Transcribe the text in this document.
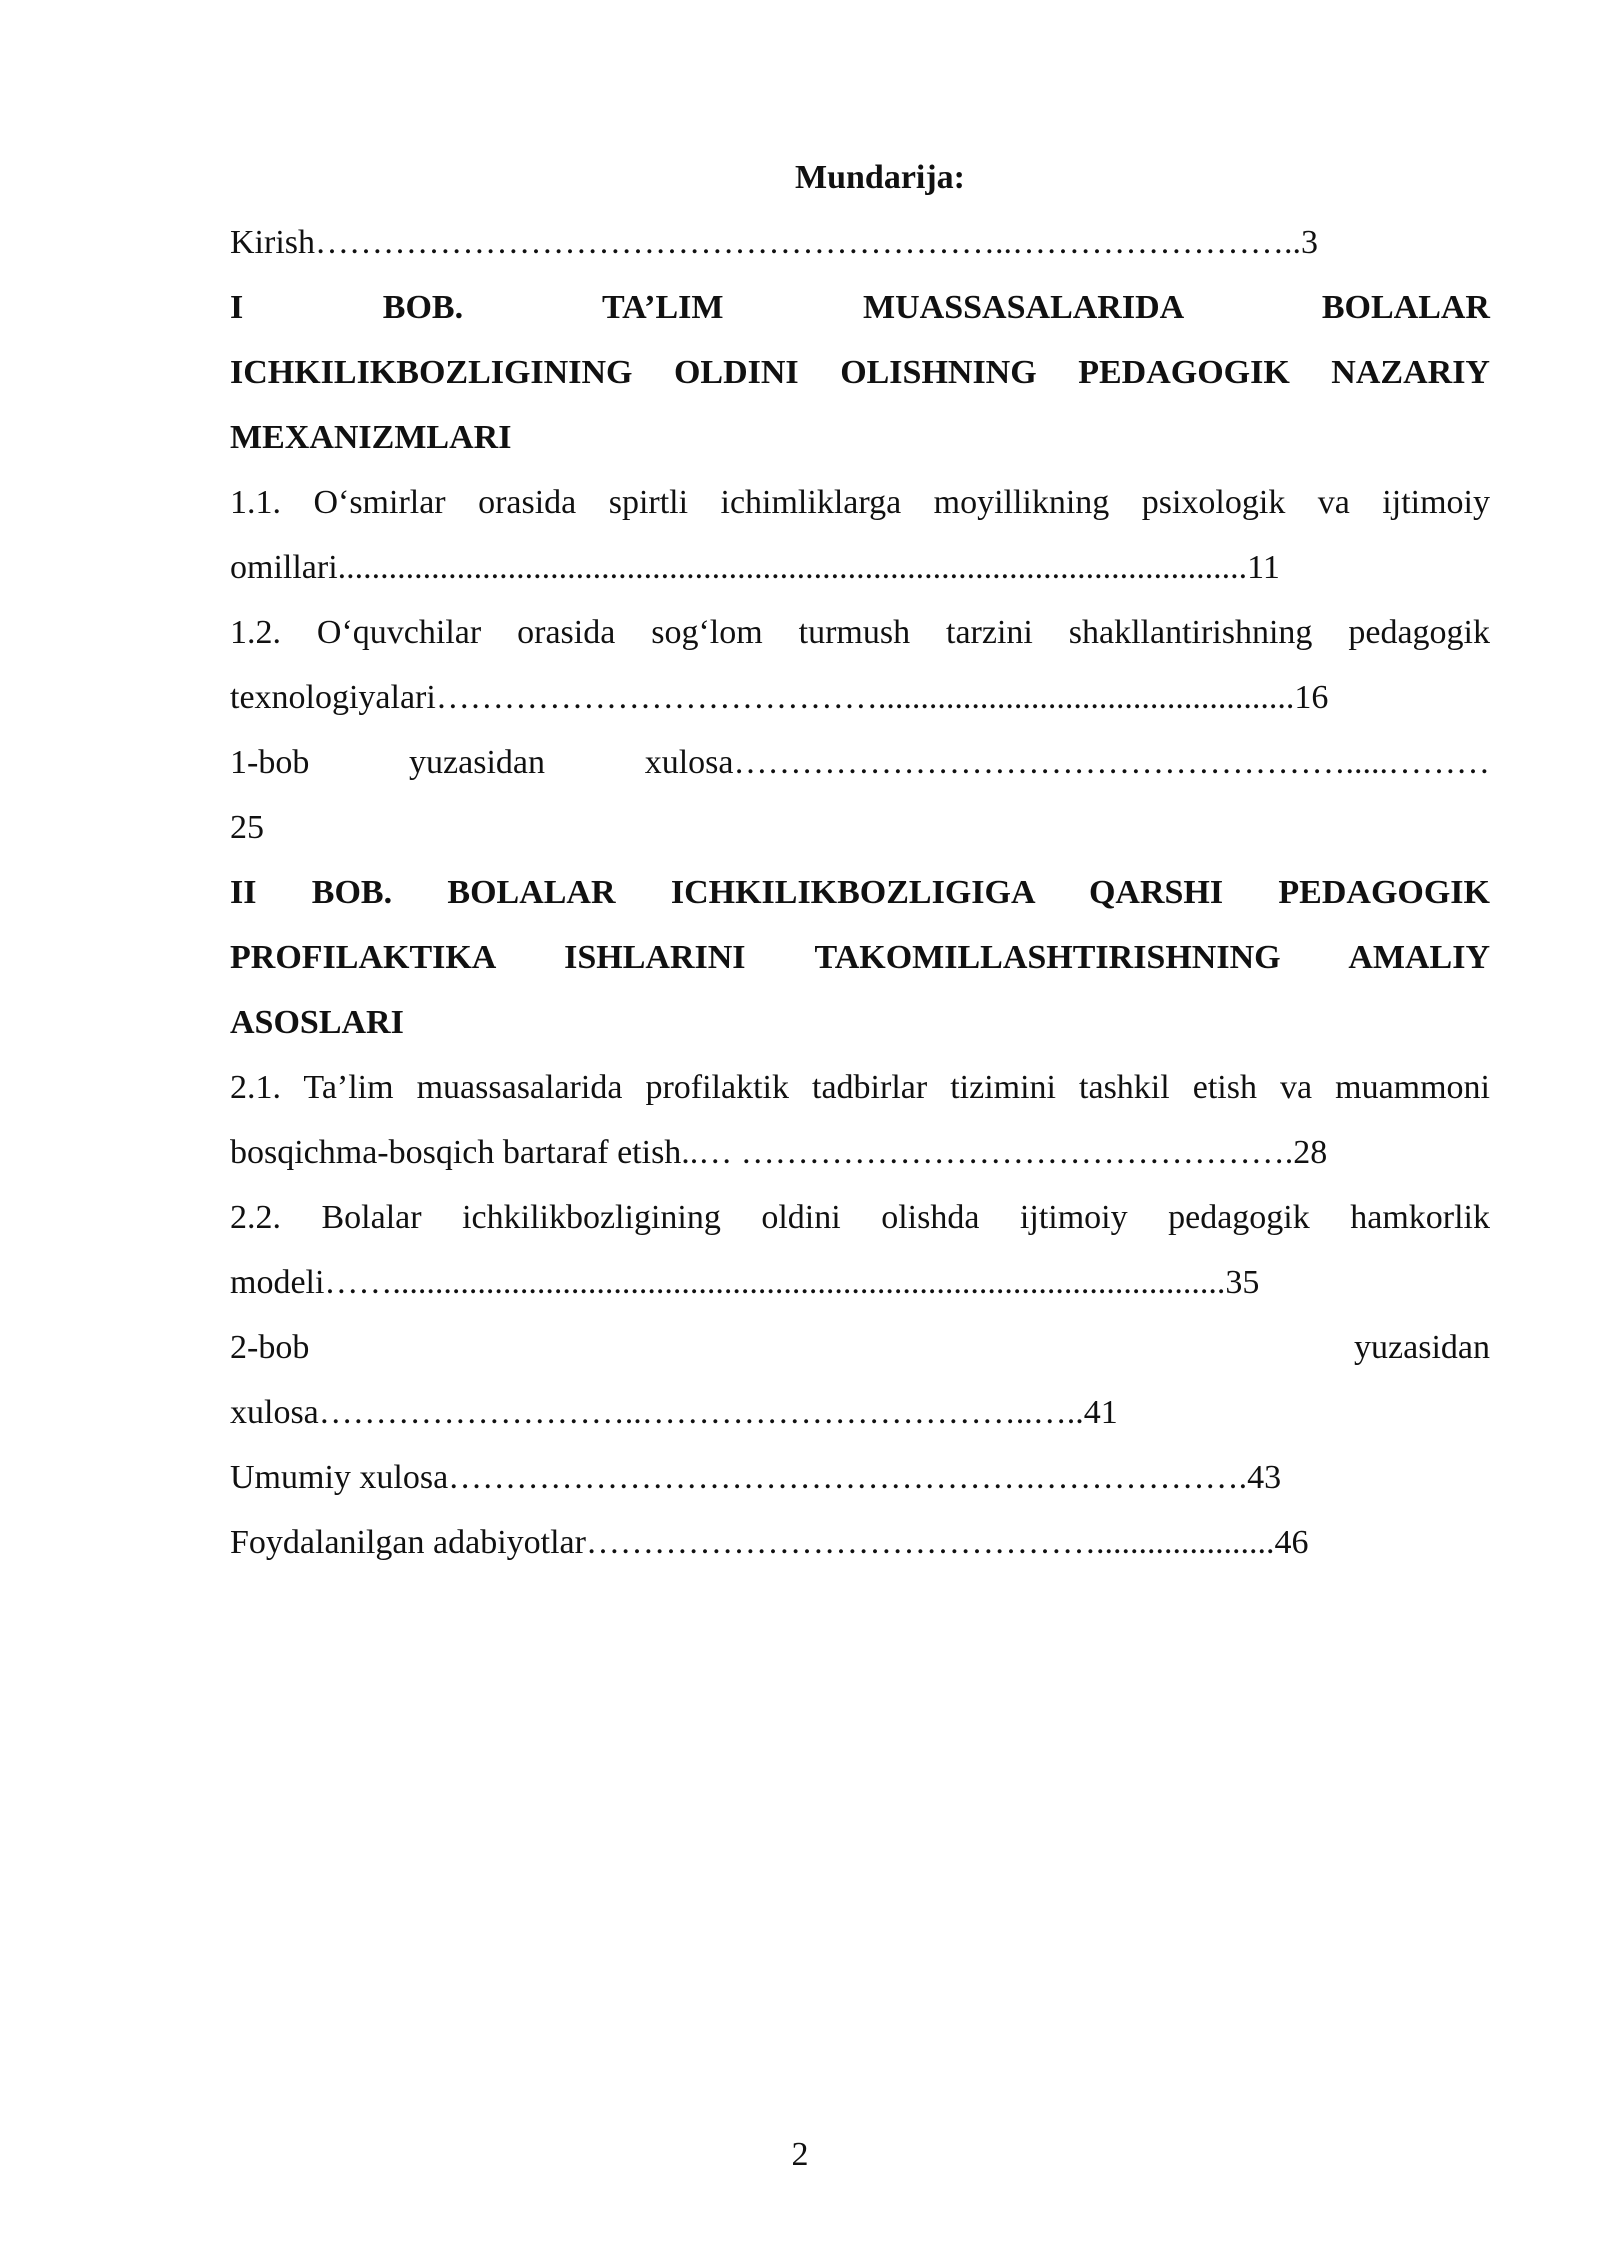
Mundarija:
Kirish……………………………………………………..……………………..3
I BOB. TA’LIM MUASSASALARIDA BOLALAR
ICHKILIKBOZLIGINING OLDINI OLISHNING PEDAGOGIK NAZARIY
MEXANIZMLARI
1.1. O‘smirlar orasida spirtli ichimliklarga moyillikning psixologik va ijtimoiy
omillari...........................................................................................................11
1.2. O‘quvchilar orasida sog‘lom turmush tarzini shakllantirishning pedagogik
texnologiyalari………………………………….................................................16
1-bob yuzasidan xulosa……………………………………………….....………
25
II BOB. BOLALAR ICHKILIKBOZLIGIGA QARSHI PEDAGOGIK
PROFILAKTIKA ISHLARINI TAKOMILLASHTIRISHNING AMALIY
ASOSLARI
2.1. Ta’lim muassasalarida profilaktik tadbirlar tizimini tashkil etish va muammoni
bosqichma-bosqich bartaraf etish..… ………………………………………….28
2.2. Bolalar ichkilikbozligining oldini olishda ijtimoiy pedagogik hamkorlik
modeli……..................................................................................................35
2-bob yuzasidan
xulosa………………………..……………………………..…..41
Umumiy xulosa…………………………………………….……………….43
Foydalanilgan adabiyotlar……………………………………….....................46
2
